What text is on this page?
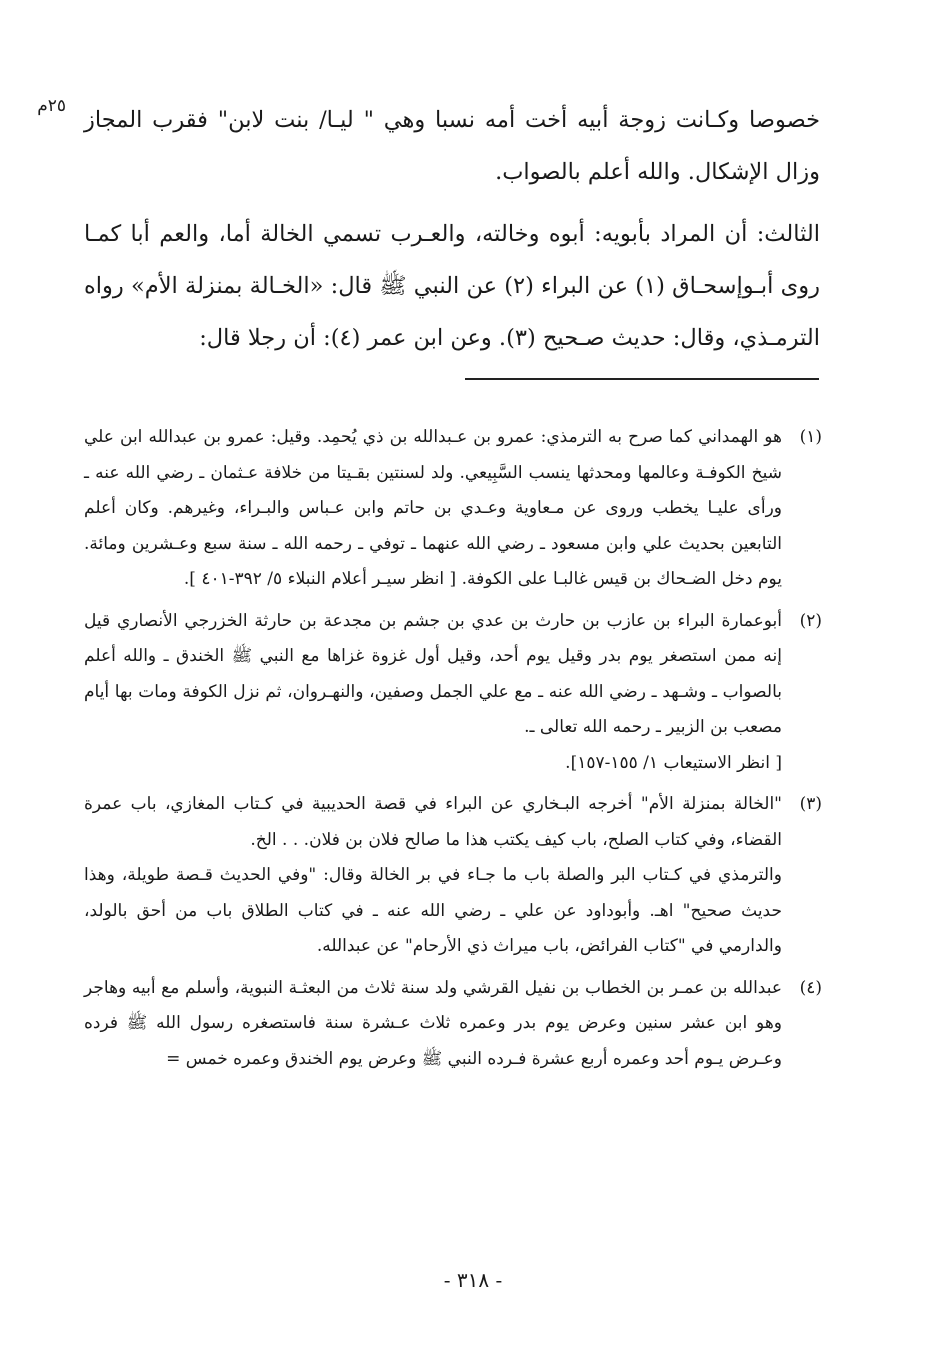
٢٥م

خصوصا وكـانت زوجة أبيه أخت أمه نسبا وهي " ليـا/ بنت لابن" فقرب المجاز وزال الإشكال. والله أعلم بالصواب.

الثالث: أن المراد بأبويه: أبوه وخالته، والعـرب تسمي الخالة أما، والعم أبا كمـا روى أبـوإسحـاق (١) عن البراء (٢) عن النبي ﷺ قال: «الخـالة بمنزلة الأم» رواه الترمـذي، وقال: حديث صـحيح (٣). وعن ابن عمر (٤): أن رجلا قال:

(١)

هو الهمداني كما صرح به الترمذي: عمرو بن عـبدالله بن ذي يُحمِد. وقيل: عمرو بن عبدالله ابن علي شيخ الكوفـة وعالمها ومحدثها ينسب السَّبِيعي. ولد لسنتين بقـيتا من خلافة عـثمان ـ رضي الله عنه ـ ورأى عليـا يخطب وروى عن مـعاوية وعـدي بن حاتم وابن عـباس والبـراء، وغيرهم. وكان أعلم التابعين بحديث علي وابن مسعود ـ رضي الله عنهما ـ توفي ـ رحمه الله ـ سنة سبع وعـشرين ومائة. يوم دخل الضـحاك بن قيس غالبـا على الكوفة. [ انظر سيـر أعلام النبلاء ٥/ ٣٩٢-٤٠١ ].

(٢)

أبوعمارة البراء بن عازب بن حارث بن عدي بن جشم بن مجدعة بن حارثة الخزرجي الأنصاري قيل إنه ممن استصغر يوم بدر وقيل يوم أحد، وقيل أول غزوة غزاها مع النبي ﷺ الخندق ـ والله أعلم بالصواب ـ وشـهد ـ رضي الله عنه ـ مع علي الجمل وصفين، والنهـروان، ثم نزل الكوفة ومات بها أيام مصعب بن الزبير ـ رحمه الله تعالى ـ.

[ انظر الاستيعاب ١/ ١٥٥-١٥٧].

(٣)

"الخالة بمنزلة الأم" أخرجه البـخاري عن البراء في قصة الحديبية في كـتاب المغازي، باب عمرة القضاء، وفي كتاب الصلح، باب كيف يكتب هذا ما صالح فلان بن فلان. . . الخ.

والترمذي في كـتاب البر والصلة باب ما جـاء في بر الخالة وقال: "وفي الحديث قـصة طويلة، وهذا حديث صحيح" اهـ. وأبوداود عن علي ـ رضي الله عنه ـ في كتاب الطلاق باب من أحق بالولد، والدارمي في "كتاب الفرائض، باب ميراث ذي الأرحام" عن عبدالله.

(٤)

عبدالله بن عمـر بن الخطاب بن نفيل القرشي ولد سنة ثلاث من البعثـة النبوية، وأسلم مع أبيه وهاجر وهو ابن عشر سنين وعرض يوم بدر وعمره ثلاث عـشرة سنة فاستصغره رسول الله ﷺ فرده وعـرض يـوم أحد وعمره أربع عشرة فـرده النبي ﷺ وعرض يوم الخندق وعمره خمس =

- ٣١٨ -
